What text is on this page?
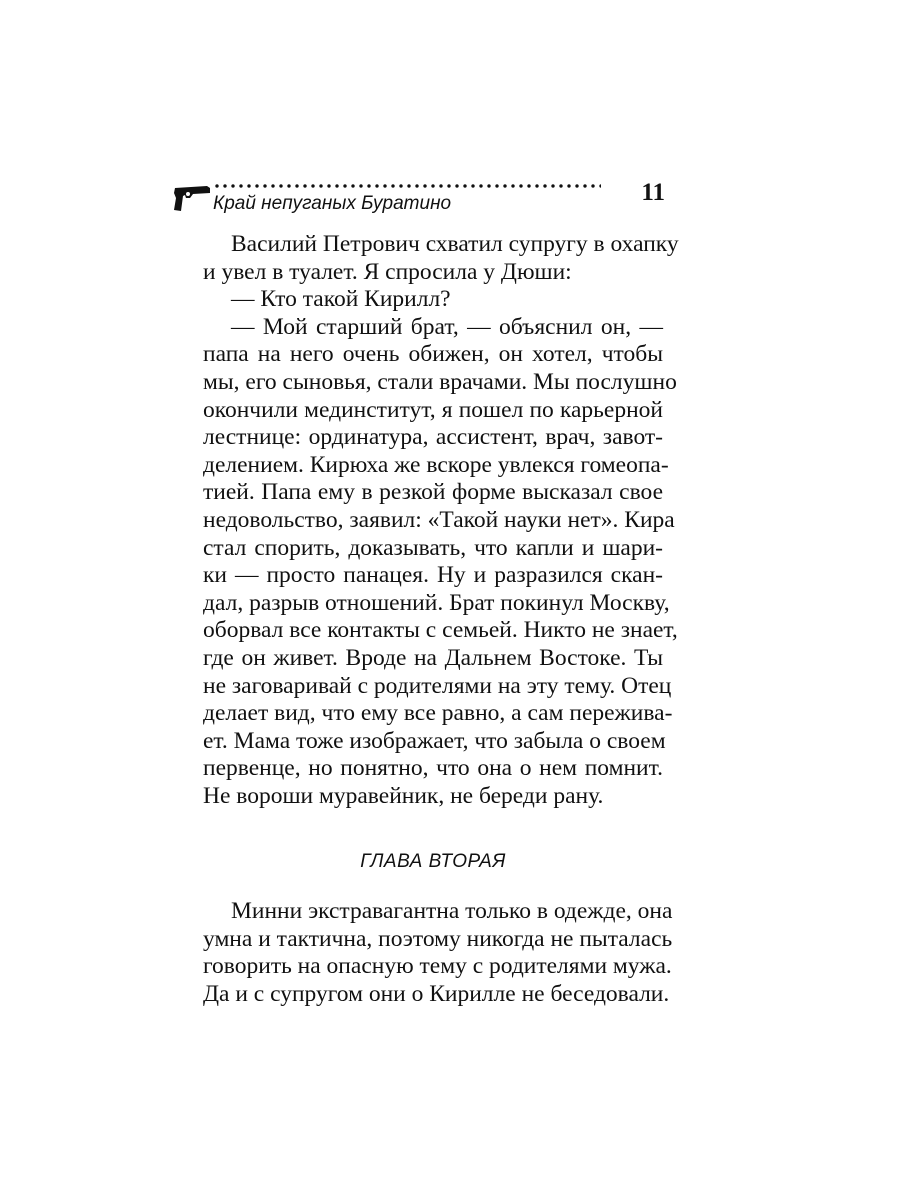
Край непуганых Буратино	11
Василий Петрович схватил супругу в охапку
и увел в туалет. Я спросила у Дюши:
— Кто такой Кирилл?
— Мой старший брат, — объяснил он, —
папа на него очень обижен, он хотел, чтобы
мы, его сыновья, стали врачами. Мы послушно
окончили мединститут, я пошел по карьерной
лестнице: ординатура, ассистент, врач, завот-
делением. Кирюха же вскоре увлекся гомеопа-
тией. Папа ему в резкой форме высказал свое
недовольство, заявил: «Такой науки нет». Кира
стал спорить, доказывать, что капли и шари-
ки — просто панацея. Ну и разразился скан-
дал, разрыв отношений. Брат покинул Москву,
оборвал все контакты с семьей. Никто не знает,
где он живет. Вроде на Дальнем Востоке. Ты
не заговаривай с родителями на эту тему. Отец
делает вид, что ему все равно, а сам пережива-
ет. Мама тоже изображает, что забыла о своем
первенце, но понятно, что она о нем помнит.
Не вороши муравейник, не береди рану.
ГЛАВА ВТОРАЯ
Минни экстравагантна только в одежде, она
умна и тактична, поэтому никогда не пыталась
говорить на опасную тему с родителями мужа.
Да и с супругом они о Кирилле не беседовали.
